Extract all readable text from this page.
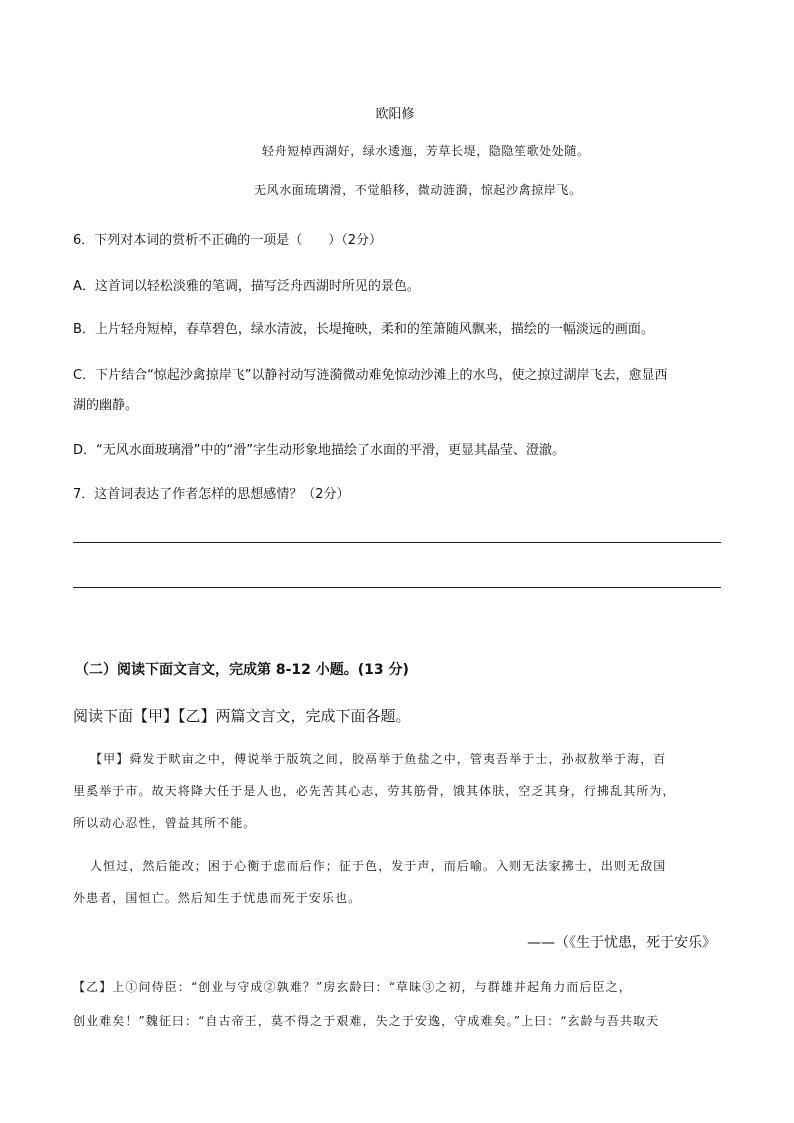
欧阳修
轻舟短棹西湖好，绿水逶迤，芳草长堤，隐隐笙歌处处随。
无风水面琉璃滑，不觉船移，微动涟漪，惊起沙禽掠岸飞。
6．下列对本词的赏析不正确的一项是（　　）（2分）
A．这首词以轻松淡雅的笔调，描写泛舟西湖时所见的景色。
B．上片轻舟短棹，春草碧色，绿水清波，长堤掩映，柔和的笙箫随风飘来，描绘的一幅淡远的画面。
C．下片结合“惊起沙禽掠岸飞”以静衬动写涟漪微动难免惊动沙滩上的水鸟，使之掠过湖岸飞去，愈显西
湖的幽静。
D．“无风水面玻璃滑”中的“滑”字生动形象地描绘了水面的平滑，更显其晶莹、澄澈。
7．这首词表达了作者怎样的思想感情？（2分）
（二）阅读下面文言文，完成第 8-12 小题。(13 分)
阅读下面【甲】【乙】两篇文言文，完成下面各题。
【甲】舜发于畎亩之中，傅说举于版筑之间，胶鬲举于鱼盐之中，管夷吾举于士，孙叔敖举于海，百
里奚举于市。故天将降大任于是人也，必先苦其心志，劳其筋骨，饿其体肤，空乏其身，行拂乱其所为，
所以动心忍性，曾益其所不能。
人恒过，然后能改；困于心衡于虑而后作；征于色，发于声，而后喻。入则无法家拂士，出则无敌国
外患者，国恒亡。然后知生于忧患而死于安乐也。
——（《生于忧患，死于安乐》
【乙】上①问侍臣：“创业与守成②孰难？”房玄龄曰：“草昧③之初，与群雄并起角力而后臣之，
创业难矣！”魏征曰：“自古帝王，莫不得之于艰难，失之于安逸，守成难矣。”上曰：“玄龄与吾共取天
